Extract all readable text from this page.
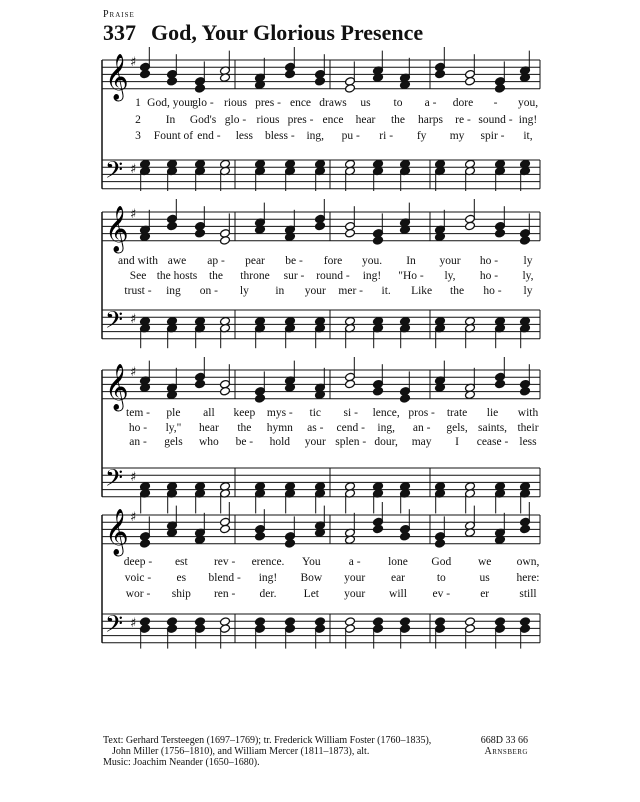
Praise
337 God, Your Glorious Presence
𝄞
𝄢
♯
♯
𝄞
𝄢
♯
♯
𝄞
𝄢
♯
♯
𝄞
𝄢
♯
♯
1 God, your
glo - rious pres - ence draws us to a - dore - you,
2 In God's glo - rious pres - ence hear the harps re - sound - ing!
3 Fount of end - less bless - ing, pu - ri - fy my spir - it,
and with awe ap - pear be - fore you. In your ho - ly
See the hosts the throne sur - round - ing! "Ho - ly, ho - ly,
trust - ing on - ly in your mer - it. Like the ho - ly
tem - ple all keep mys - tic si - lence, pros - trate lie with
ho - ly," hear the hymn as - cend - ing, an - gels, saints, their
an - gels who be - hold your splen - dour, may I cease - less
deep - est rev - erence. You a - lone God we own,
voic - es blend - ing! Bow your ear	to	us here:
wor - ship ren - der. Let your will ev -	er	still
Text: Gerhard Tersteegen (1697–1769); tr. Frederick William Foster (1760–1835),
John Miller (1756–1810), and William Mercer (1811–1873), alt.
Music: Joachim Neander (1650–1680).
668D 33 66
Arnsberg
